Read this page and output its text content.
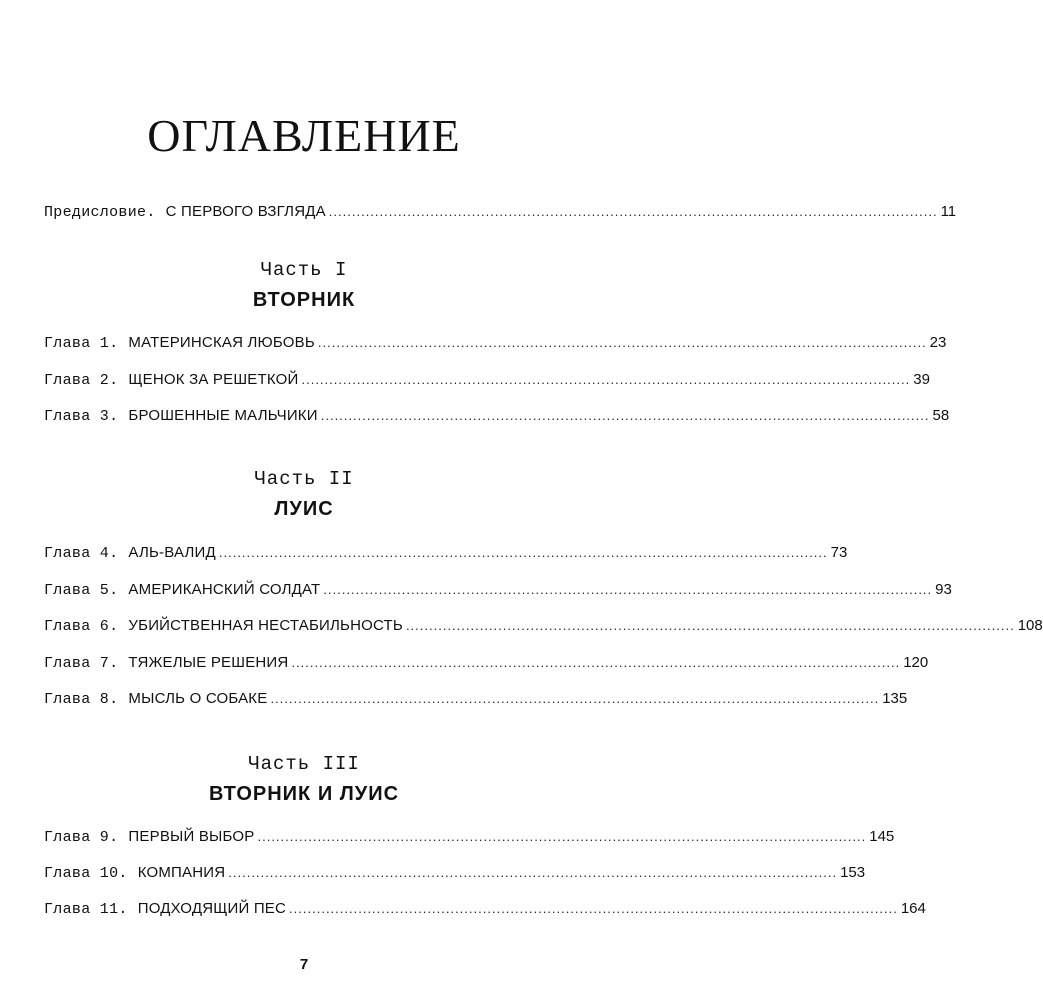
ОГЛАВЛЕНИЕ
Предисловие. С ПЕРВОГО ВЗГЛЯДА .................................................................................................................................... 11
Часть I
ВТОРНИК
Глава 1. МАТЕРИНСКАЯ ЛЮБОВЬ .................................................................................................................................... 23
Глава 2. ЩЕНОК ЗА РЕШЕТКОЙ .................................................................................................................................... 39
Глава 3. БРОШЕННЫЕ МАЛЬЧИКИ .................................................................................................................................... 58
Часть II
ЛУИС
Глава 4. АЛЬ-ВАЛИД .................................................................................................................................... 73
Глава 5. АМЕРИКАНСКИЙ СОЛДАТ .................................................................................................................................... 93
Глава 6. УБИЙСТВЕННАЯ НЕСТАБИЛЬНОСТЬ .................................................................................................................................... 108
Глава 7. ТЯЖЕЛЫЕ РЕШЕНИЯ .................................................................................................................................... 120
Глава 8. МЫСЛЬ О СОБАКЕ .................................................................................................................................... 135
Часть III
ВТОРНИК И ЛУИС
Глава 9. ПЕРВЫЙ ВЫБОР .................................................................................................................................... 145
Глава 10. КОМПАНИЯ .................................................................................................................................... 153
Глава 11. ПОДХОДЯЩИЙ ПЕС .................................................................................................................................... 164
7
